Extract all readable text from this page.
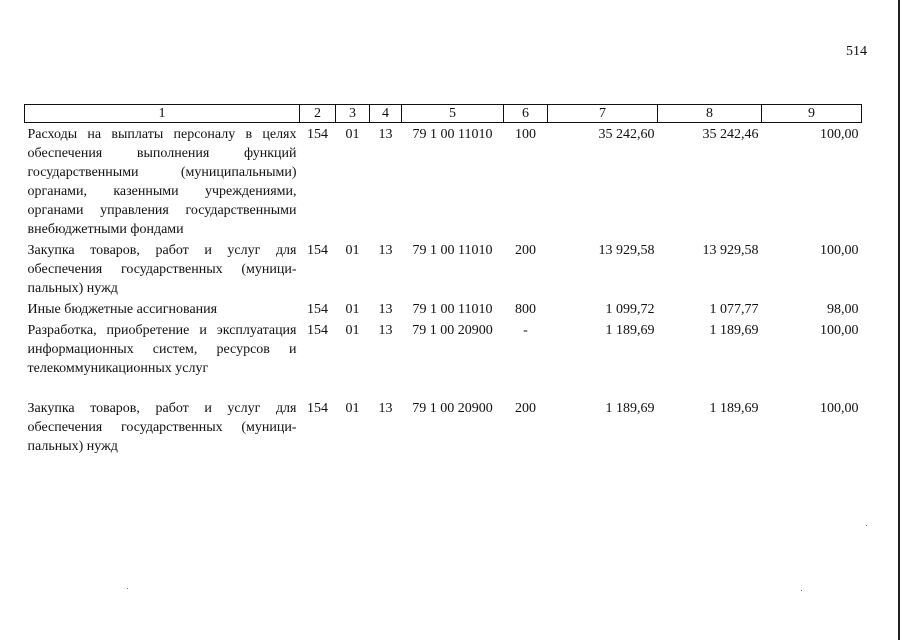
514
1	2	3	4	5	6	7	8	9
Расходы на выплаты персоналу в целях обеспечения выполнения функций государственными (муниципальными) органами, казенными учреждениями, органами управления государственными внебюджетными фондами	154	01	13	79 1 00 11010	100	35 242,60	35 242,46	100,00
Закупка товаров, работ и услуг для обеспечения государственных (муниципальных) нужд	154	01	13	79 1 00 11010	200	13 929,58	13 929,58	100,00
Иные бюджетные ассигнования	154	01	13	79 1 00 11010	800	1 099,72	1 077,77	98,00
Разработка, приобретение и эксплуатация информационных систем, ресурсов и телекоммуникационных услуг	154	01	13	79 1 00 20900	-	1 189,69	1 189,69	100,00
Закупка товаров, работ и услуг для обеспечения государственных (муниципальных) нужд	154	01	13	79 1 00 20900	200	1 189,69	1 189,69	100,00
